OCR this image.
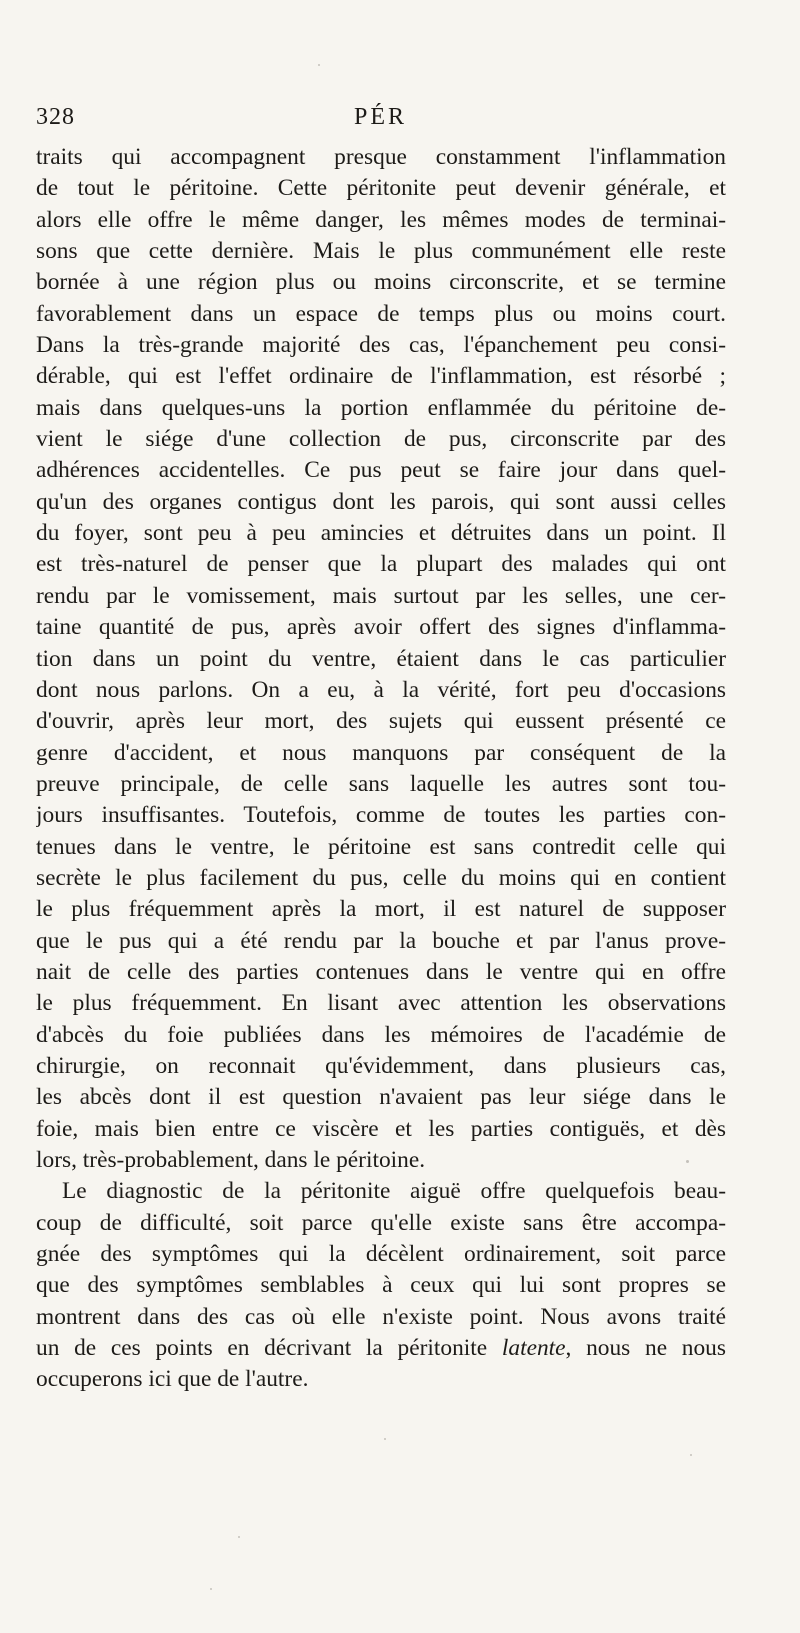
328	PÉR
traits qui accompagnent presque constamment l'inflammation
de tout le péritoine. Cette péritonite peut devenir générale, et
alors elle offre le même danger, les mêmes modes de terminai-
sons que cette dernière. Mais le plus communément elle reste
bornée à une région plus ou moins circonscrite, et se termine
favorablement dans un espace de temps plus ou moins court.
Dans la très-grande majorité des cas, l'épanchement peu consi-
dérable, qui est l'effet ordinaire de l'inflammation, est résorbé ;
mais dans quelques-uns la portion enflammée du péritoine de-
vient le siége d'une collection de pus, circonscrite par des
adhérences accidentelles. Ce pus peut se faire jour dans quel-
qu'un des organes contigus dont les parois, qui sont aussi celles
du foyer, sont peu à peu amincies et détruites dans un point. Il
est très-naturel de penser que la plupart des malades qui ont
rendu par le vomissement, mais surtout par les selles, une cer-
taine quantité de pus, après avoir offert des signes d'inflamma-
tion dans un point du ventre, étaient dans le cas particulier
dont nous parlons. On a eu, à la vérité, fort peu d'occasions
d'ouvrir, après leur mort, des sujets qui eussent présenté ce
genre d'accident, et nous manquons par conséquent de la
preuve principale, de celle sans laquelle les autres sont tou-
jours insuffisantes. Toutefois, comme de toutes les parties con-
tenues dans le ventre, le péritoine est sans contredit celle qui
secrète le plus facilement du pus, celle du moins qui en contient
le plus fréquemment après la mort, il est naturel de supposer
que le pus qui a été rendu par la bouche et par l'anus prove-
nait de celle des parties contenues dans le ventre qui en offre
le plus fréquemment. En lisant avec attention les observations
d'abcès du foie publiées dans les mémoires de l'académie de
chirurgie, on reconnait qu'évidemment, dans plusieurs cas,
les abcès dont il est question n'avaient pas leur siége dans le
foie, mais bien entre ce viscère et les parties contiguës, et dès
lors, très-probablement, dans le péritoine.
Le diagnostic de la péritonite aiguë offre quelquefois beau-
coup de difficulté, soit parce qu'elle existe sans être accompa-
gnée des symptômes qui la décèlent ordinairement, soit parce
que des symptômes semblables à ceux qui lui sont propres se
montrent dans des cas où elle n'existe point. Nous avons traité
un de ces points en décrivant la péritonite latente, nous ne nous
occuperons ici que de l'autre.
